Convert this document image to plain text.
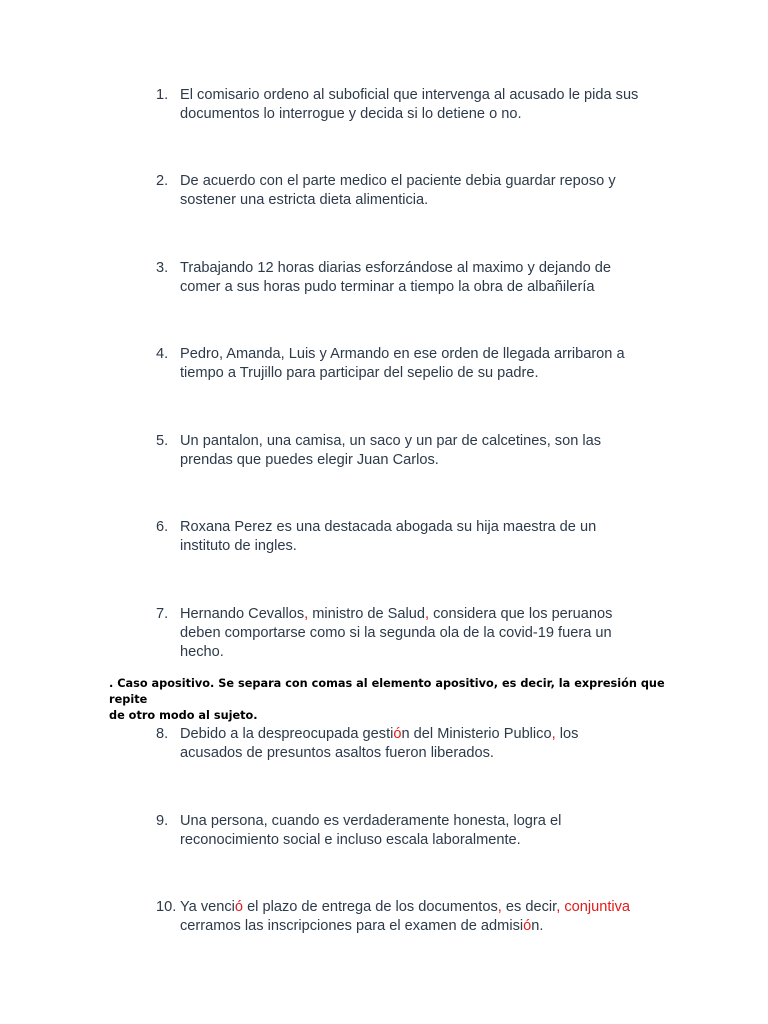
1. El comisario ordeno al suboficial que intervenga al acusado le pida sus
documentos lo interrogue y decida si lo detiene o no.
2. De acuerdo con el parte medico el paciente debia guardar reposo y
sostener una estricta dieta alimenticia.
3. Trabajando 12 horas diarias esforzándose al maximo y dejando de
comer a sus horas pudo terminar a tiempo la obra de albañilería
4. Pedro, Amanda, Luis y Armando en ese orden de llegada arribaron a
tiempo a Trujillo para participar del sepelio de su padre.
5. Un pantalon, una camisa, un saco y un par de calcetines, son las
prendas que puedes elegir Juan Carlos.
6. Roxana Perez es una destacada abogada su hija maestra de un
instituto de ingles.
7. Hernando Cevallos, ministro de Salud, considera que los peruanos
deben comportarse como si la segunda ola de la covid-19 fuera un
hecho.
. Caso apositivo. Se separa con comas al elemento apositivo, es decir, la expresión que repite
de otro modo al sujeto.
8. Debido a la despreocupada gestión del Ministerio Publico, los
acusados de presuntos asaltos fueron liberados.
9. Una persona, cuando es verdaderamente honesta, logra el
reconocimiento social e incluso escala laboralmente.
10. Ya venció el plazo de entrega de los documentos, es decir, conjuntiva
cerramos las inscripciones para el examen de admisión.
